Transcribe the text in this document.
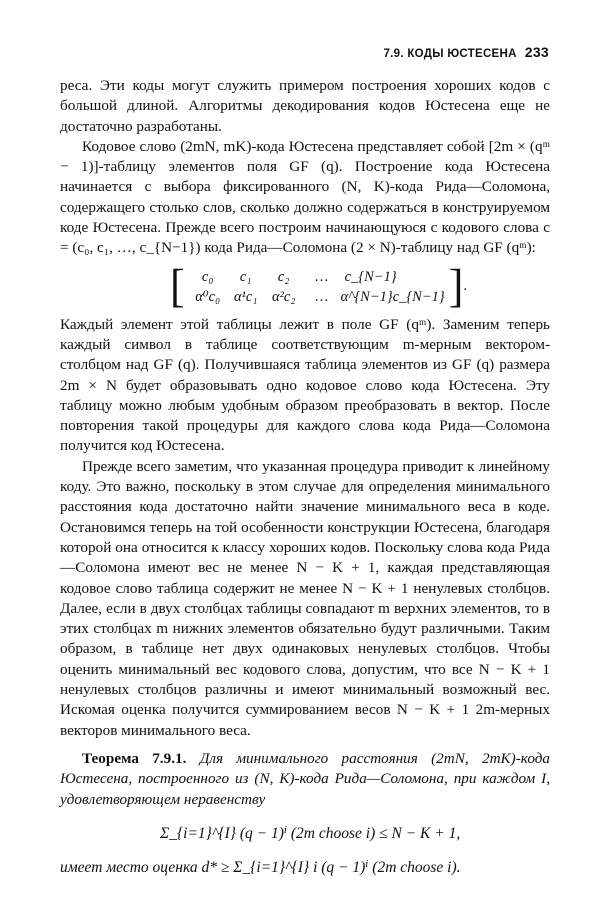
7.9. КОДЫ ЮСТЕСЕНА 233

реса. Эти коды могут служить примером построения хороших кодов с большой длиной. Алгоритмы декодирования кодов Юстесена еще не достаточно разработаны.

Кодовое слово (2mN, mK)-кода Юстесена представляет собой [2m × (qᵐ − 1)]-таблицу элементов поля GF (q). Построение кода Юстесена начинается с выбора фиксированного (N, K)-кода Рида—Соломона, содержащего столько слов, сколько должно содержаться в конструируемом коде Юстесена. Прежде всего построим начинающуюся с кодового слова c = (c₀, c₁, …, c_{N−1}) кода Рида—Соломона (2 × N)-таблицу над GF (qᵐ):

[	c₀	c₁	c₂	…	c_{N−1}
α⁰c₀ α¹c₁	α²c₂	… α^{N−1}c_{N−1} ] .

Каждый элемент этой таблицы лежит в поле GF (qᵐ). Заменим теперь каждый символ в таблице соответствующим m-мерным вектором-столбцом над GF (q). Получившаяся таблица элементов из GF (q) размера 2m × N будет образовывать одно кодовое слово кода Юстесена. Эту таблицу можно любым удобным образом преобразовать в вектор. После повторения такой процедуры для каждого слова кода Рида—Соломона получится код Юстесена.

Прежде всего заметим, что указанная процедура приводит к линейному коду. Это важно, поскольку в этом случае для определения минимального расстояния кода достаточно найти значение минимального веса в коде. Остановимся теперь на той особенности конструкции Юстесена, благодаря которой она относится к классу хороших кодов. Поскольку слова кода Рида—Соломона имеют вес не менее N − K + 1, каждая представляющая кодовое слово таблица содержит не менее N − K + 1 ненулевых столбцов. Далее, если в двух столбцах таблицы совпадают m верхних элементов, то в этих столбцах m нижних элементов обязательно будут различными. Таким образом, в таблице нет двух одинаковых ненулевых столбцов. Чтобы оценить минимальный вес кодового слова, допустим, что все N − K + 1 ненулевых столбцов различны и имеют минимальный возможный вес. Искомая оценка получится суммированием весов N − K + 1 2m-мерных векторов минимального веса.

Теорема 7.9.1. Для минимального расстояния (2mN, 2mK)-кода Юстесена, построенного из (N, K)-кода Рида—Соломона, при каждом I, удовлетворяющем неравенству

Σ_{i=1}^{I} (q − 1)ⁱ (2m choose i) ≤ N − K + 1,
имеет место оценка d* ≥ Σ_{i=1}^{I} i (q − 1)ⁱ (2m choose i).
